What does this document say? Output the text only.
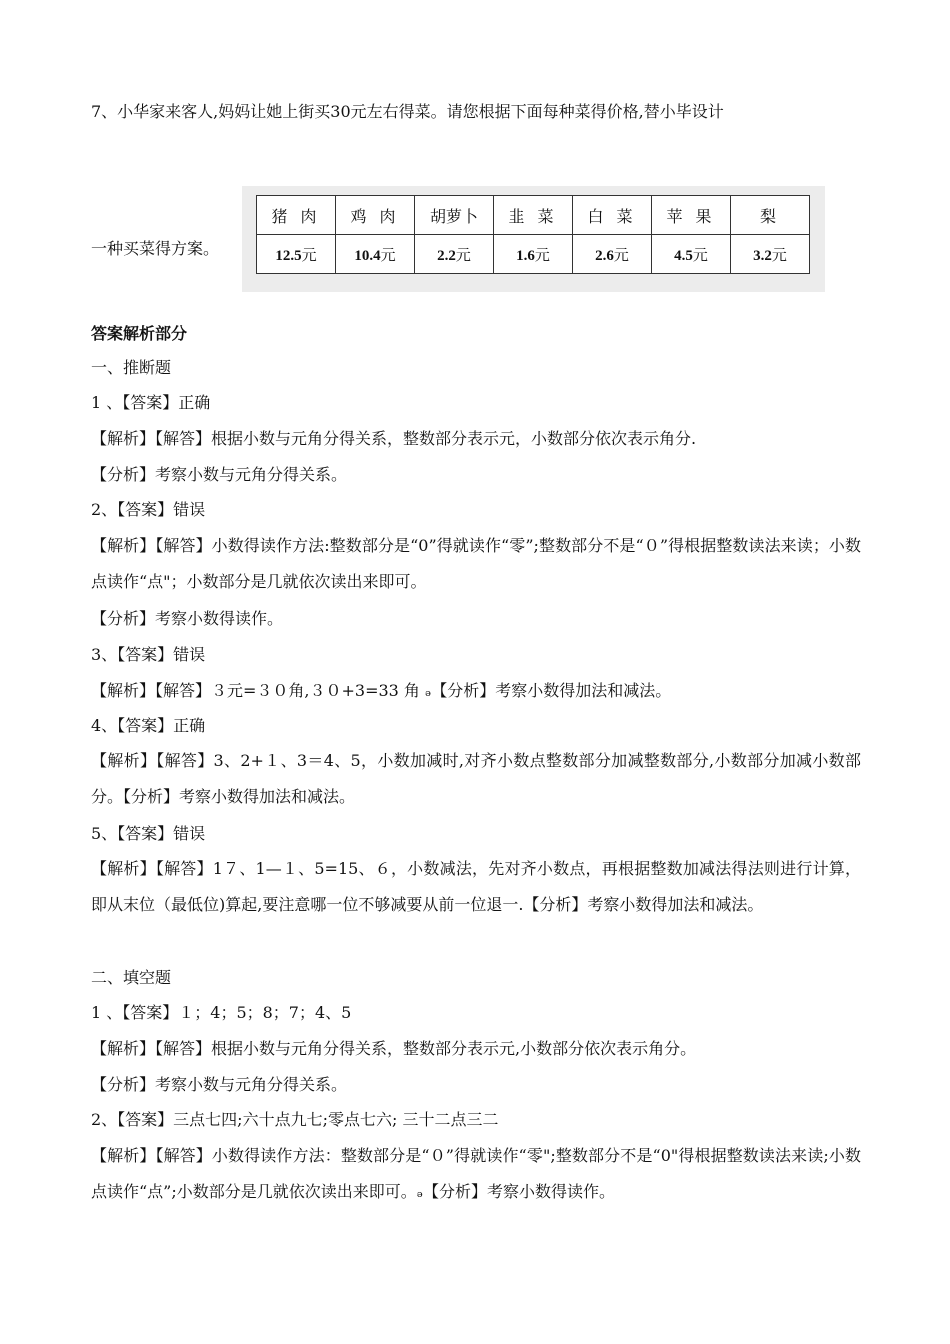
7、小华家来客人,妈妈让她上街买30元左右得菜。请您根据下面每种菜得价格,替小毕设计
一种买菜得方案。
猪 肉	鸡 肉	胡萝卜	韭 菜	白 菜	苹 果	梨
12.5元	10.4元	2.2元	1.6元	2.6元	4.5元	3.2元
答案解析部分
一、推断题
1 、【答案】正确
【解析】【解答】根据小数与元角分得关系，整数部分表示元，小数部分依次表示角分.
【分析】考察小数与元角分得关系。
2、【答案】错误
【解析】【解答】小数得读作方法:整数部分是“0”得就读作“零”;整数部分不是“０”得根据整数读法来读；小数点读作“点"；小数部分是几就依次读出来即可。
【分析】考察小数得读作。
3、【答案】错误
【解析】【解答】３元=３０角,３０+3=33 角 ₔ【分析】考察小数得加法和减法。
4、【答案】正确
【解析】【解答】3、2+１、3＝4、5，小数加减时,对齐小数点整数部分加减整数部分,小数部分加减小数部分。【分析】考察小数得加法和减法。
5、【答案】错误
【解析】【解答】1７、1—１、5=15、６，小数减法，先对齐小数点，再根据整数加减法得法则进行计算，即从末位（最低位)算起,要注意哪一位不够减要从前一位退一.【分析】考察小数得加法和减法。
二、填空题
1 、【答案】１；4；5；8；7；4、5
【解析】【解答】根据小数与元角分得关系，整数部分表示元,小数部分依次表示角分。
【分析】考察小数与元角分得关系。
2、【答案】三点七四;六十点九七;零点七六; 三十二点三二
【解析】【解答】小数得读作方法：整数部分是“０”得就读作“零";整数部分不是“0"得根据整数读法来读;小数点读作“点”;小数部分是几就依次读出来即可。ₔ【分析】考察小数得读作。
